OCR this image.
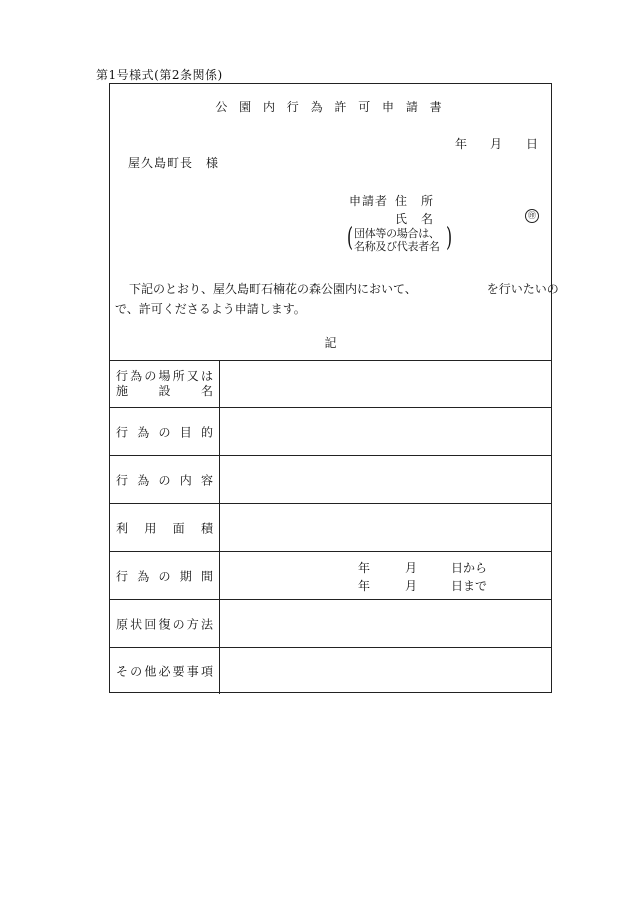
第1号様式(第2条関係)
公 園 内 行 為 許 可 申 請 書
年 月 日
屋久島町長　様
申請者 住　 所
氏　 名	㊞
( 団体等の場合は、
名称及び代表者名 )
下記のとおり、屋久島町石楠花の森公園内において、	を行いたいの
で、許可くださるよう申請します。
記
行 為 の 場 所 又 は
施	設	名
行 為 の 目 的
行 為 の 内 容
利 用 面 積
行 為 の 期 間
年	月	日から
年	月	日まで
原 状 回 復 の 方 法
そ の 他 必 要 事 項
